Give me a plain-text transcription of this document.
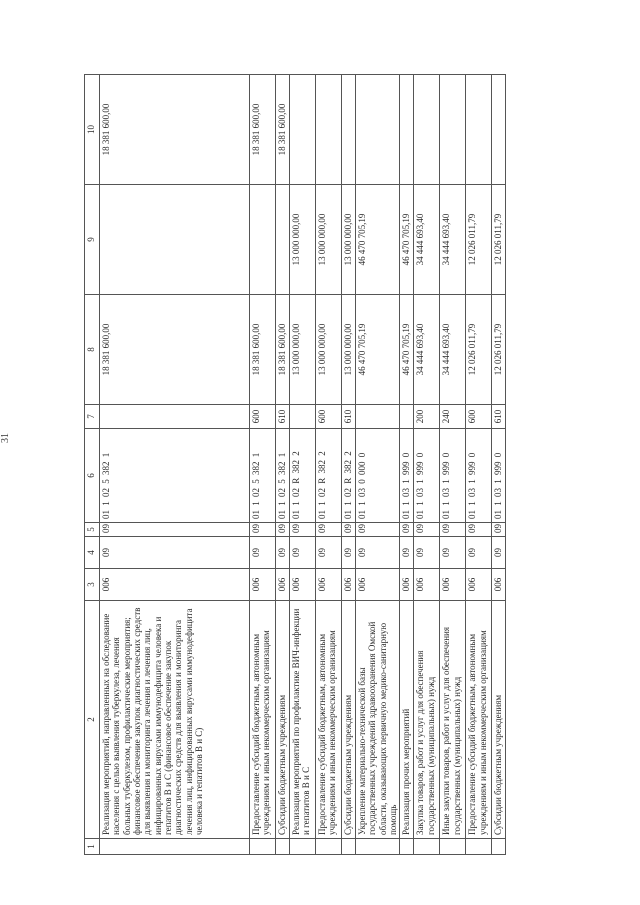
31
1	2	3	4	5	6	7	8	9	10
	Реализация мероприятий, направленных на обследование населения с целью выявления туберкулеза, лечения больных туберкулезом, профилактические мероприятия; финансовое обеспечение закупок диагностических средств для выявления и мониторинга лечения и лечения лиц, инфицированных вирусами иммунодефицита человека и гепатитов В и С (финансовое обеспечение закупок диагностических средств для выявления и мониторинга лечения лиц, инфицированных вирусами иммунодефицита человека и гепатитов В и С)	006	09	09	01 1 02 5 382 1		18 381 600,00		18 381 600,00
	Предоставление субсидий бюджетным, автономным учреждениям и иным некоммерческим организациям	006	09	09	01 1 02 5 382 1	600	18 381 600,00		18 381 600,00
	Субсидии бюджетным учреждениям	006	09	09	01 1 02 5 382 1	610	18 381 600,00		18 381 600,00
	Реализация мероприятий по профилактике ВИЧ-инфекции и гепатитов В и С	006	09	09	01 1 02 R 382 2		13 000 000,00	13 000 000,00	
	Предоставление субсидий бюджетным, автономным учреждениям и иным некоммерческим организациям	006	09	09	01 1 02 R 382 2	600	13 000 000,00	13 000 000,00	
	Субсидии бюджетным учреждениям	006	09	09	01 1 02 R 382 2	610	13 000 000,00	13 000 000,00	
	Укрепление материально-технической базы государственных учреждений здравоохранения Омской области, оказывающих первичную медико-санитарную помощь	006	09	09	01 1 03 0 000 0		46 470 705,19	46 470 705,19	
	Реализация прочих мероприятий	006	09	09	01 1 03 1 999 0		46 470 705,19	46 470 705,19	
	Закупка товаров, работ и услуг для обеспечения государственных (муниципальных) нужд	006	09	09	01 1 03 1 999 0	200	34 444 693,40	34 444 693,40	
	Иные закупки товаров, работ и услуг для обеспечения государственных (муниципальных) нужд	006	09	09	01 1 03 1 999 0	240	34 444 693,40	34 444 693,40	
	Предоставление субсидий бюджетным, автономным учреждениям и иным некоммерческим организациям	006	09	09	01 1 03 1 999 0	600	12 026 011,79	12 026 011,79	
	Субсидии бюджетным учреждениям	006	09	09	01 1 03 1 999 0	610	12 026 011,79	12 026 011,79	
